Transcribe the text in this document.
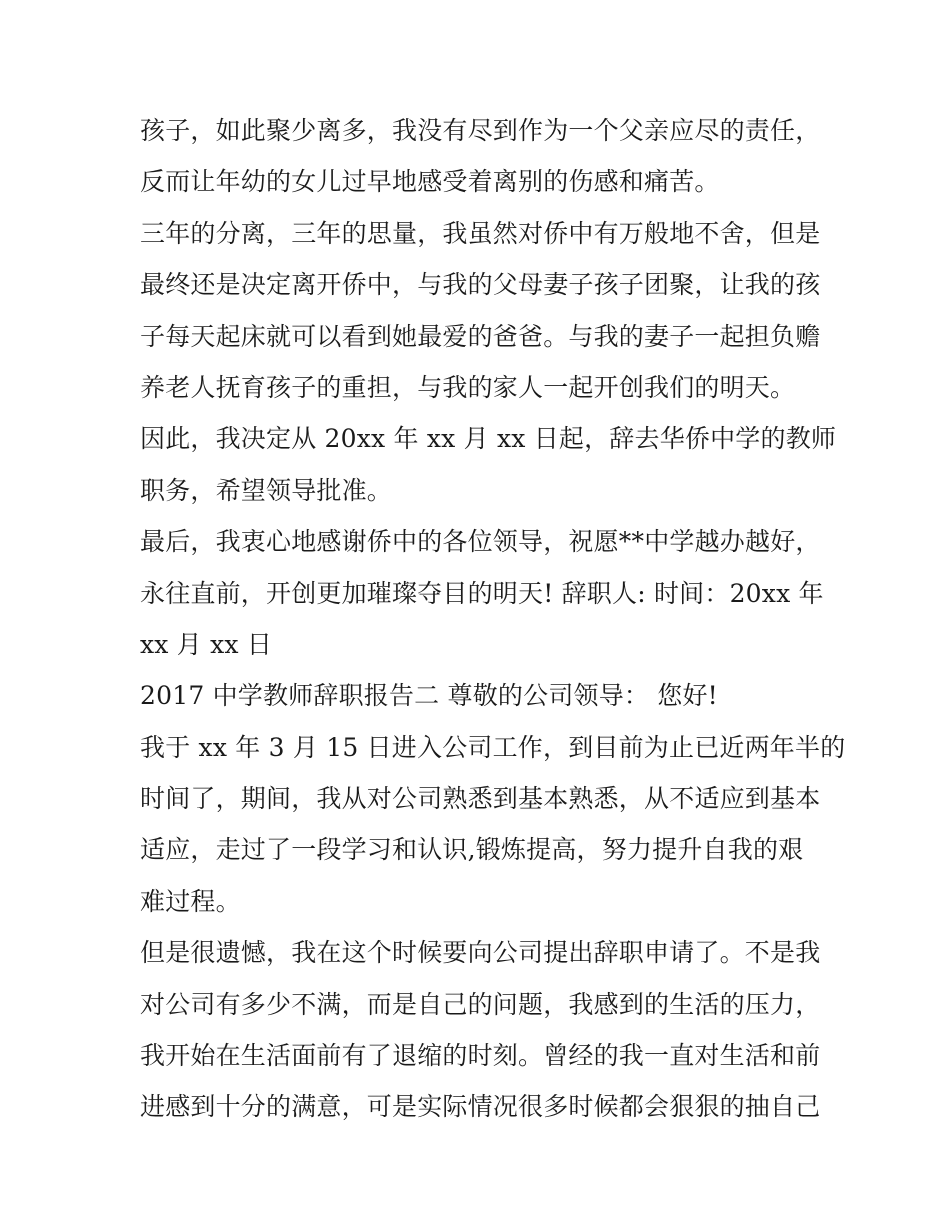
孩子，如此聚少离多，我没有尽到作为一个父亲应尽的责任，
反而让年幼的女儿过早地感受着离别的伤感和痛苦。
三年的分离，三年的思量，我虽然对侨中有万般地不舍，但是
最终还是决定离开侨中，与我的父母妻子孩子团聚，让我的孩
子每天起床就可以看到她最爱的爸爸。与我的妻子一起担负赡
养老人抚育孩子的重担，与我的家人一起开创我们的明天。
因此，我决定从 20xx 年 xx 月 xx 日起，辞去华侨中学的教师
职务，希望领导批准。
最后，我衷心地感谢侨中的各位领导，祝愿**中学越办越好，
永往直前，开创更加璀璨夺目的明天! 辞职人: 时间：20xx 年
xx 月 xx 日
2017 中学教师辞职报告二 尊敬的公司领导： 您好!
我于 xx 年 3 月 15 日进入公司工作，到目前为止已近两年半的
时间了，期间，我从对公司熟悉到基本熟悉，从不适应到基本
适应，走过了一段学习和认识,锻炼提高，努力提升自我的艰
难过程。
但是很遗憾，我在这个时候要向公司提出辞职申请了。不是我
对公司有多少不满，而是自己的问题，我感到的生活的压力，
我开始在生活面前有了退缩的时刻。曾经的我一直对生活和前
进感到十分的满意，可是实际情况很多时候都会狠狠的抽自己
